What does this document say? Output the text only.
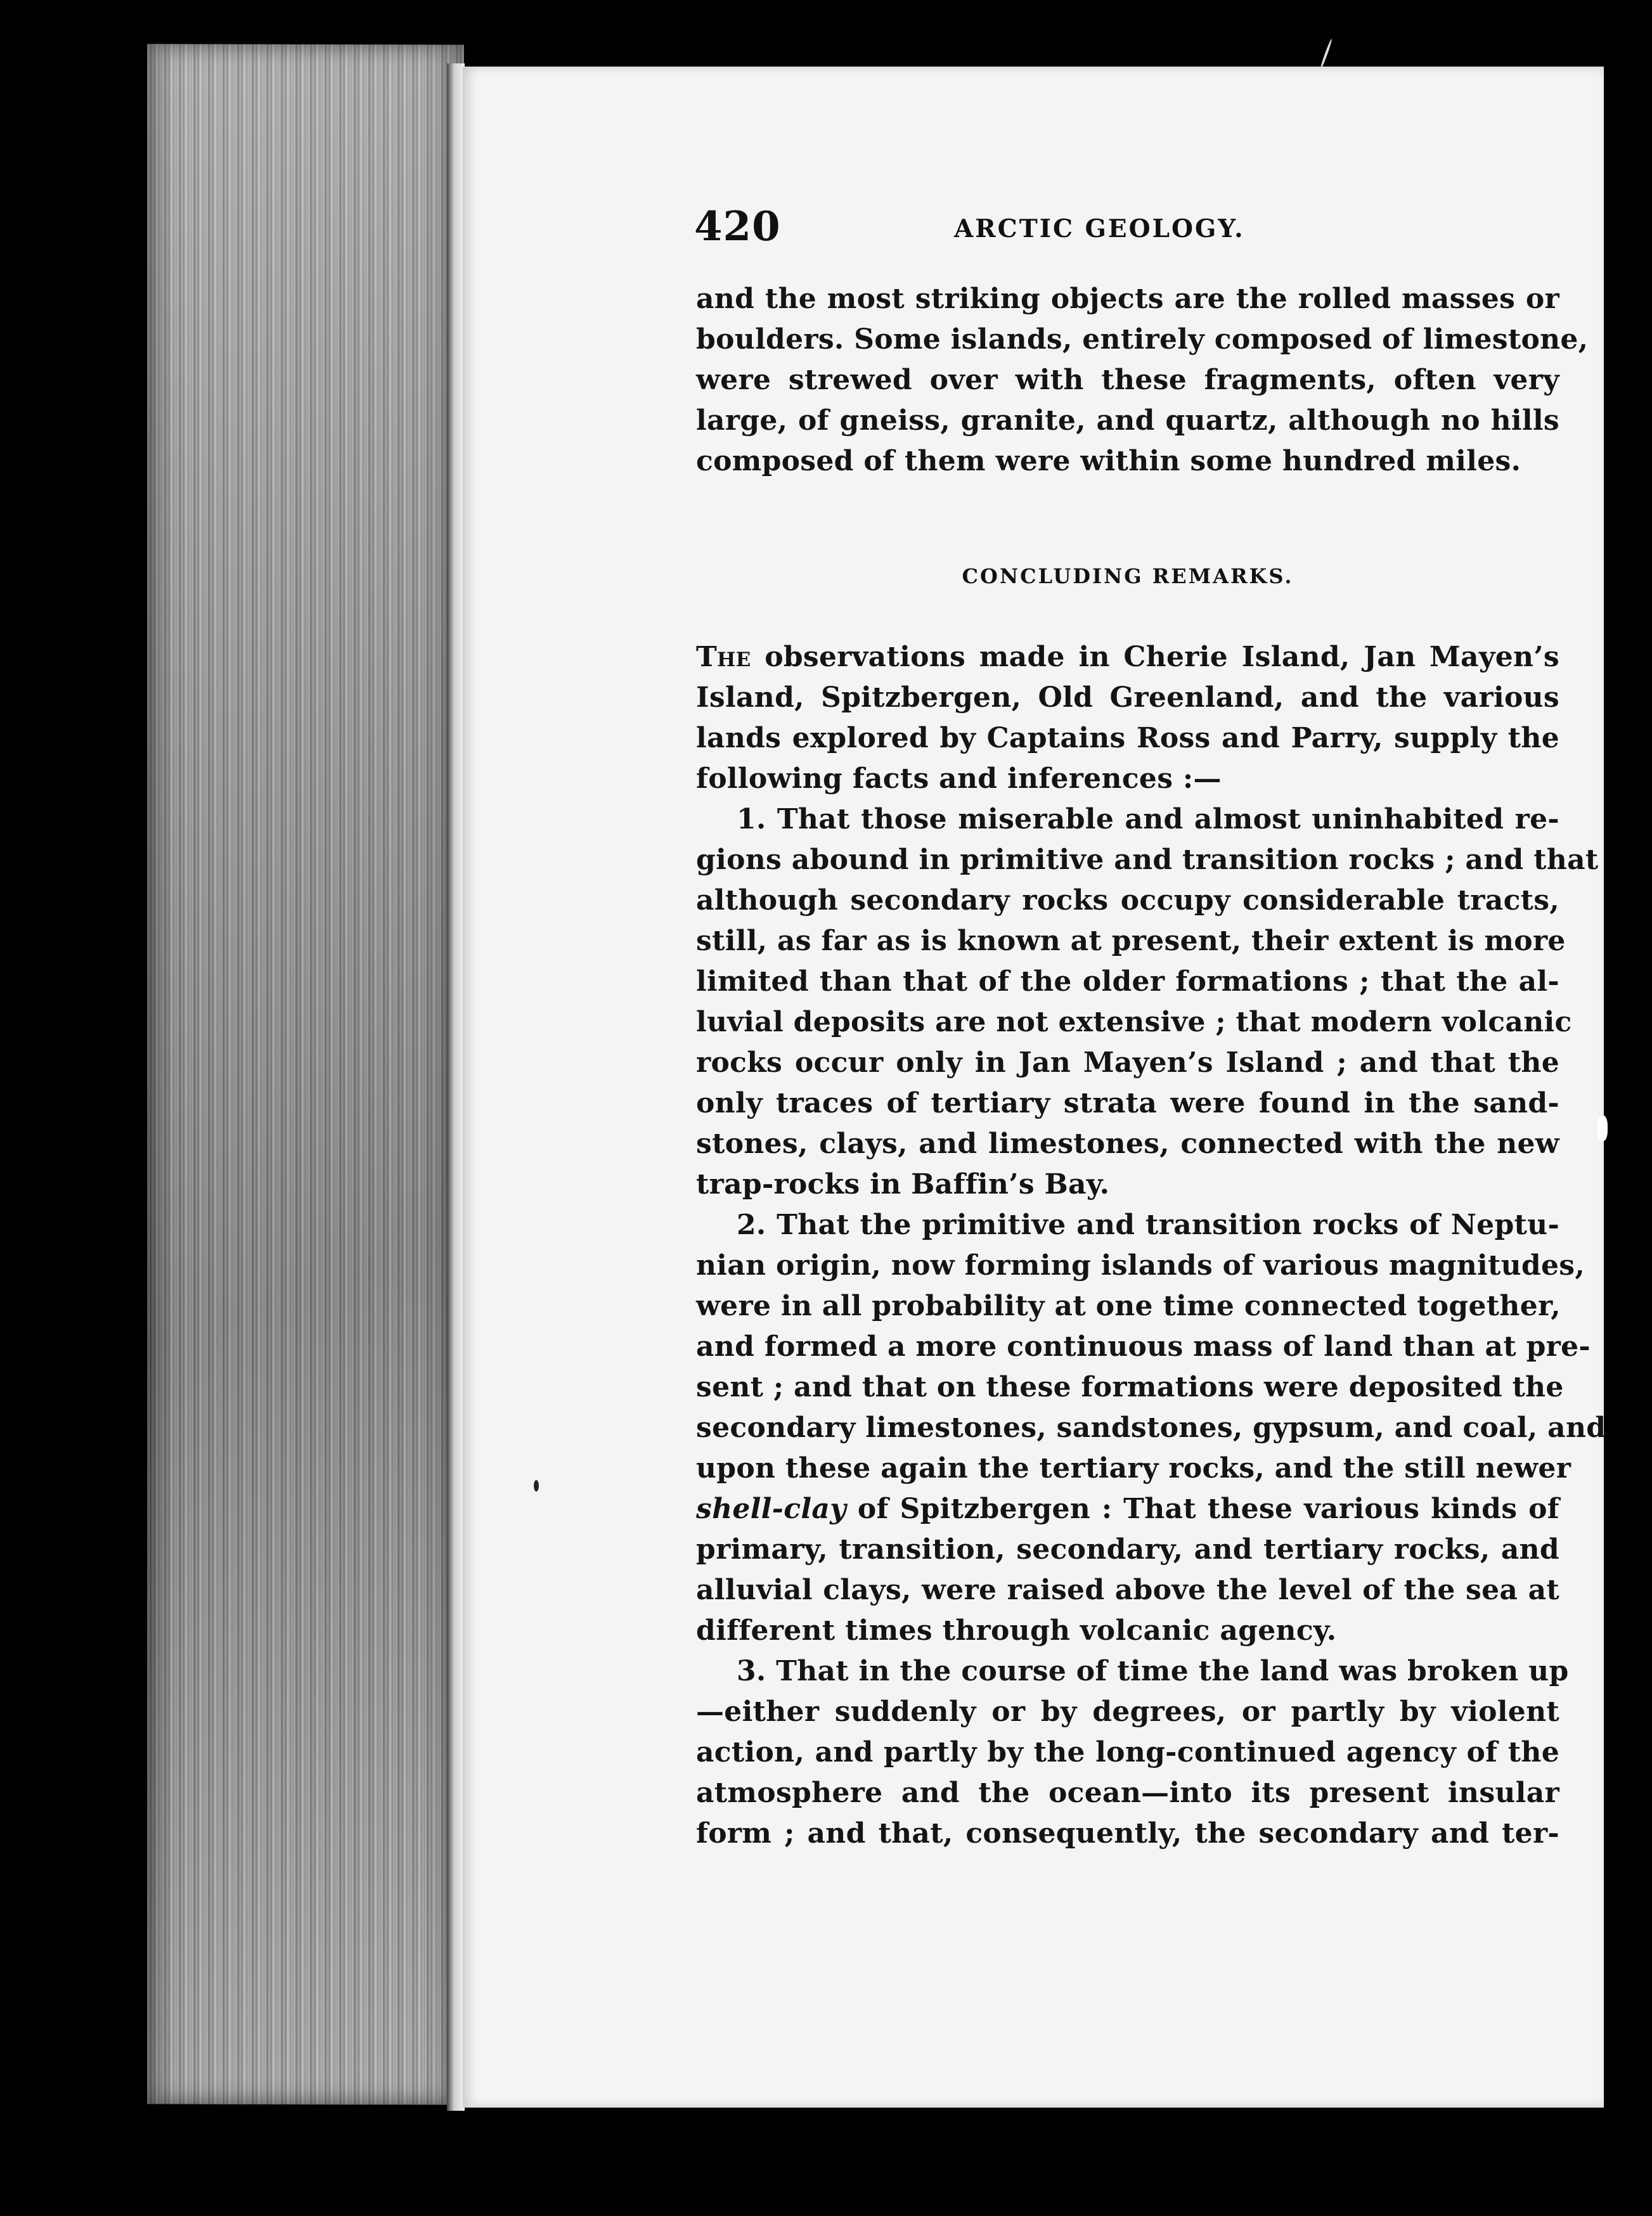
420	ARCTIC GEOLOGY.
and the most striking objects are the rolled masses or
boulders. Some islands, entirely composed of limestone,
were strewed over with these fragments, often very
large, of gneiss, granite, and quartz, although no hills
composed of them were within some hundred miles.
CONCLUDING REMARKS.
The observations made in Cherie Island, Jan Mayen’s
Island, Spitzbergen, Old Greenland, and the various
lands explored by Captains Ross and Parry, supply the
following facts and inferences :—
1. That those miserable and almost uninhabited re-
gions abound in primitive and transition rocks ; and that
although secondary rocks occupy considerable tracts,
still, as far as is known at present, their extent is more
limited than that of the older formations ; that the al-
luvial deposits are not extensive ; that modern volcanic
rocks occur only in Jan Mayen’s Island ; and that the
only traces of tertiary strata were found in the sand-
stones, clays, and limestones, connected with the new
trap-rocks in Baffin’s Bay.
2. That the primitive and transition rocks of Neptu-
nian origin, now forming islands of various magnitudes,
were in all probability at one time connected together,
and formed a more continuous mass of land than at pre-
sent ; and that on these formations were deposited the
secondary limestones, sandstones, gypsum, and coal, and
upon these again the tertiary rocks, and the still newer
shell-clay of Spitzbergen : That these various kinds of
primary, transition, secondary, and tertiary rocks, and
alluvial clays, were raised above the level of the sea at
different times through volcanic agency.
3. That in the course of time the land was broken up
—either suddenly or by degrees, or partly by violent
action, and partly by the long-continued agency of the
atmosphere and the ocean—into its present insular
form ; and that, consequently, the secondary and ter-
